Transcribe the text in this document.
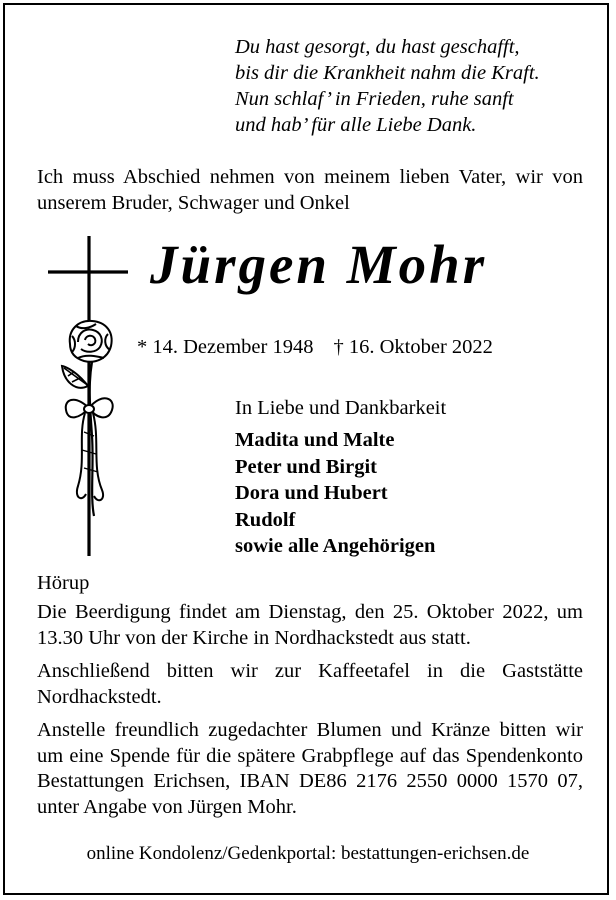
Du hast gesorgt, du hast geschafft,
bis dir die Krankheit nahm die Kraft.
Nun schlaf’ in Frieden, ruhe sanft
und hab’ für alle Liebe Dank.
Ich muss Abschied nehmen von meinem lieben Vater, wir von unserem Bruder, Schwager und Onkel
Jürgen Mohr
* 14. Dezember 1948 † 16. Oktober 2022
In Liebe und Dankbarkeit
Madita und Malte
Peter und Birgit
Dora und Hubert
Rudolf
sowie alle Angehörigen
Hörup

Die Beerdigung findet am Dienstag, den 25. Oktober 2022, um 13.30 Uhr von der Kirche in Nordhackstedt aus statt.

Anschließend bitten wir zur Kaffeetafel in die Gaststätte Nordhackstedt.

Anstelle freundlich zugedachter Blumen und Kränze bitten wir um eine Spende für die spätere Grabpflege auf das Spendenkonto Bestattungen Erichsen, IBAN DE86 2176 2550 0000 1570 07, unter Angabe von Jürgen Mohr.

online Kondolenz/Gedenkportal: bestattungen-erichsen.de
